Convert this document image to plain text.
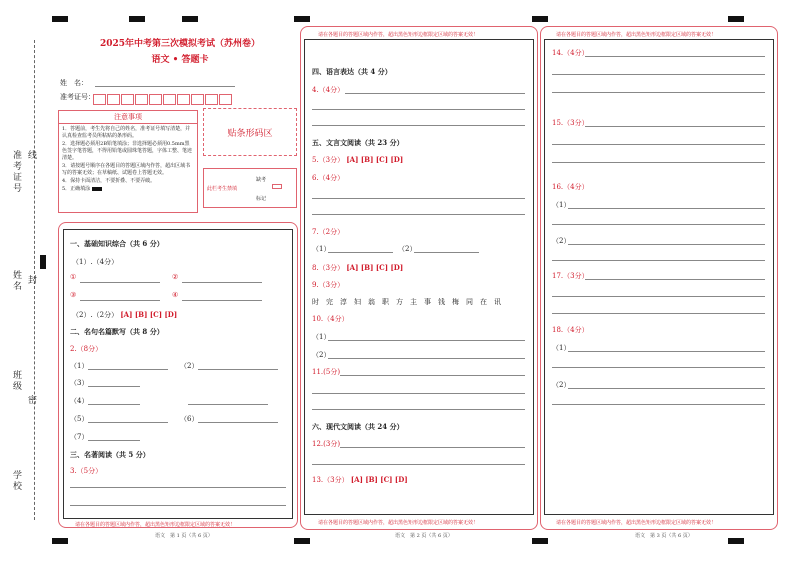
准考证号
姓名
班级
学校
线
封
密
2025年中考第三次模拟考试（苏州卷）
语文 • 答题卡
姓　名：
准考证号：
注意事项
1．答题前，考生先将自己的姓名，准考证号填写清楚，并认真检查监考员所粘贴的条形码。
2．选择题必须用2B铅笔填涂；非选择题必须用0.5mm黑色签字笔答题，不得用铅笔或圆珠笔答题，字体工整、笔迹清楚。
3．请按题号顺序在各题目的答题区域内作答，超出区域书写的答案无效；在草稿纸、试题卷上答题无效。
4．保持卡面清洁，不要折叠、不要弄破。
5．正确填涂
贴条形码区
此栏考生禁填
缺考
标记
一、基础知识综合（共 6 分）
（1）.（4分）
①	②
③	④
（2）.（2分） [A] [B] [C] [D]
二、名句名篇默写（共 8 分）
2.（8分）
（1）	（2）
（3）
（4）
（5）	（6）
（7）
三、名著阅读（共 5 分）
3.（5分）
请在各题目的答题区域内作答，超出黑色矩形边框限定区域的答案无效！
语文　第 1 页（共 6 页）
请在各题目的答题区域内作答，超出黑色矩形边框限定区域的答案无效！
四、语言表达（共 4 分）
4.（4分）
五、文言文阅读（共 23 分）
5.（3分） [A] [B] [C] [D]
6.（4分）
7.（2分）
（1）	（2）
8.（3分） [A] [B] [C] [D]
9.（3分）
时　完　淳　妇　翁　职　方　主　事　钱　梅　同　在　讯
10.（4分）
（1）
（2）
11.(5分)
六、现代文阅读（共 24 分）
12.(3分)
13.（3分） [A] [B] [C] [D]
请在各题目的答题区域内作答，超出黑色矩形边框限定区域的答案无效！
语文　第 2 页（共 6 页）
请在各题目的答题区域内作答，超出黑色矩形边框限定区域的答案无效！
14.（4分）
15.（3分）
16.（4分）
（1）
（2）
17.（3分）
18.（4分）
（1）
（2）
请在各题目的答题区域内作答，超出黑色矩形边框限定区域的答案无效！
语文　第 3 页（共 6 页）
